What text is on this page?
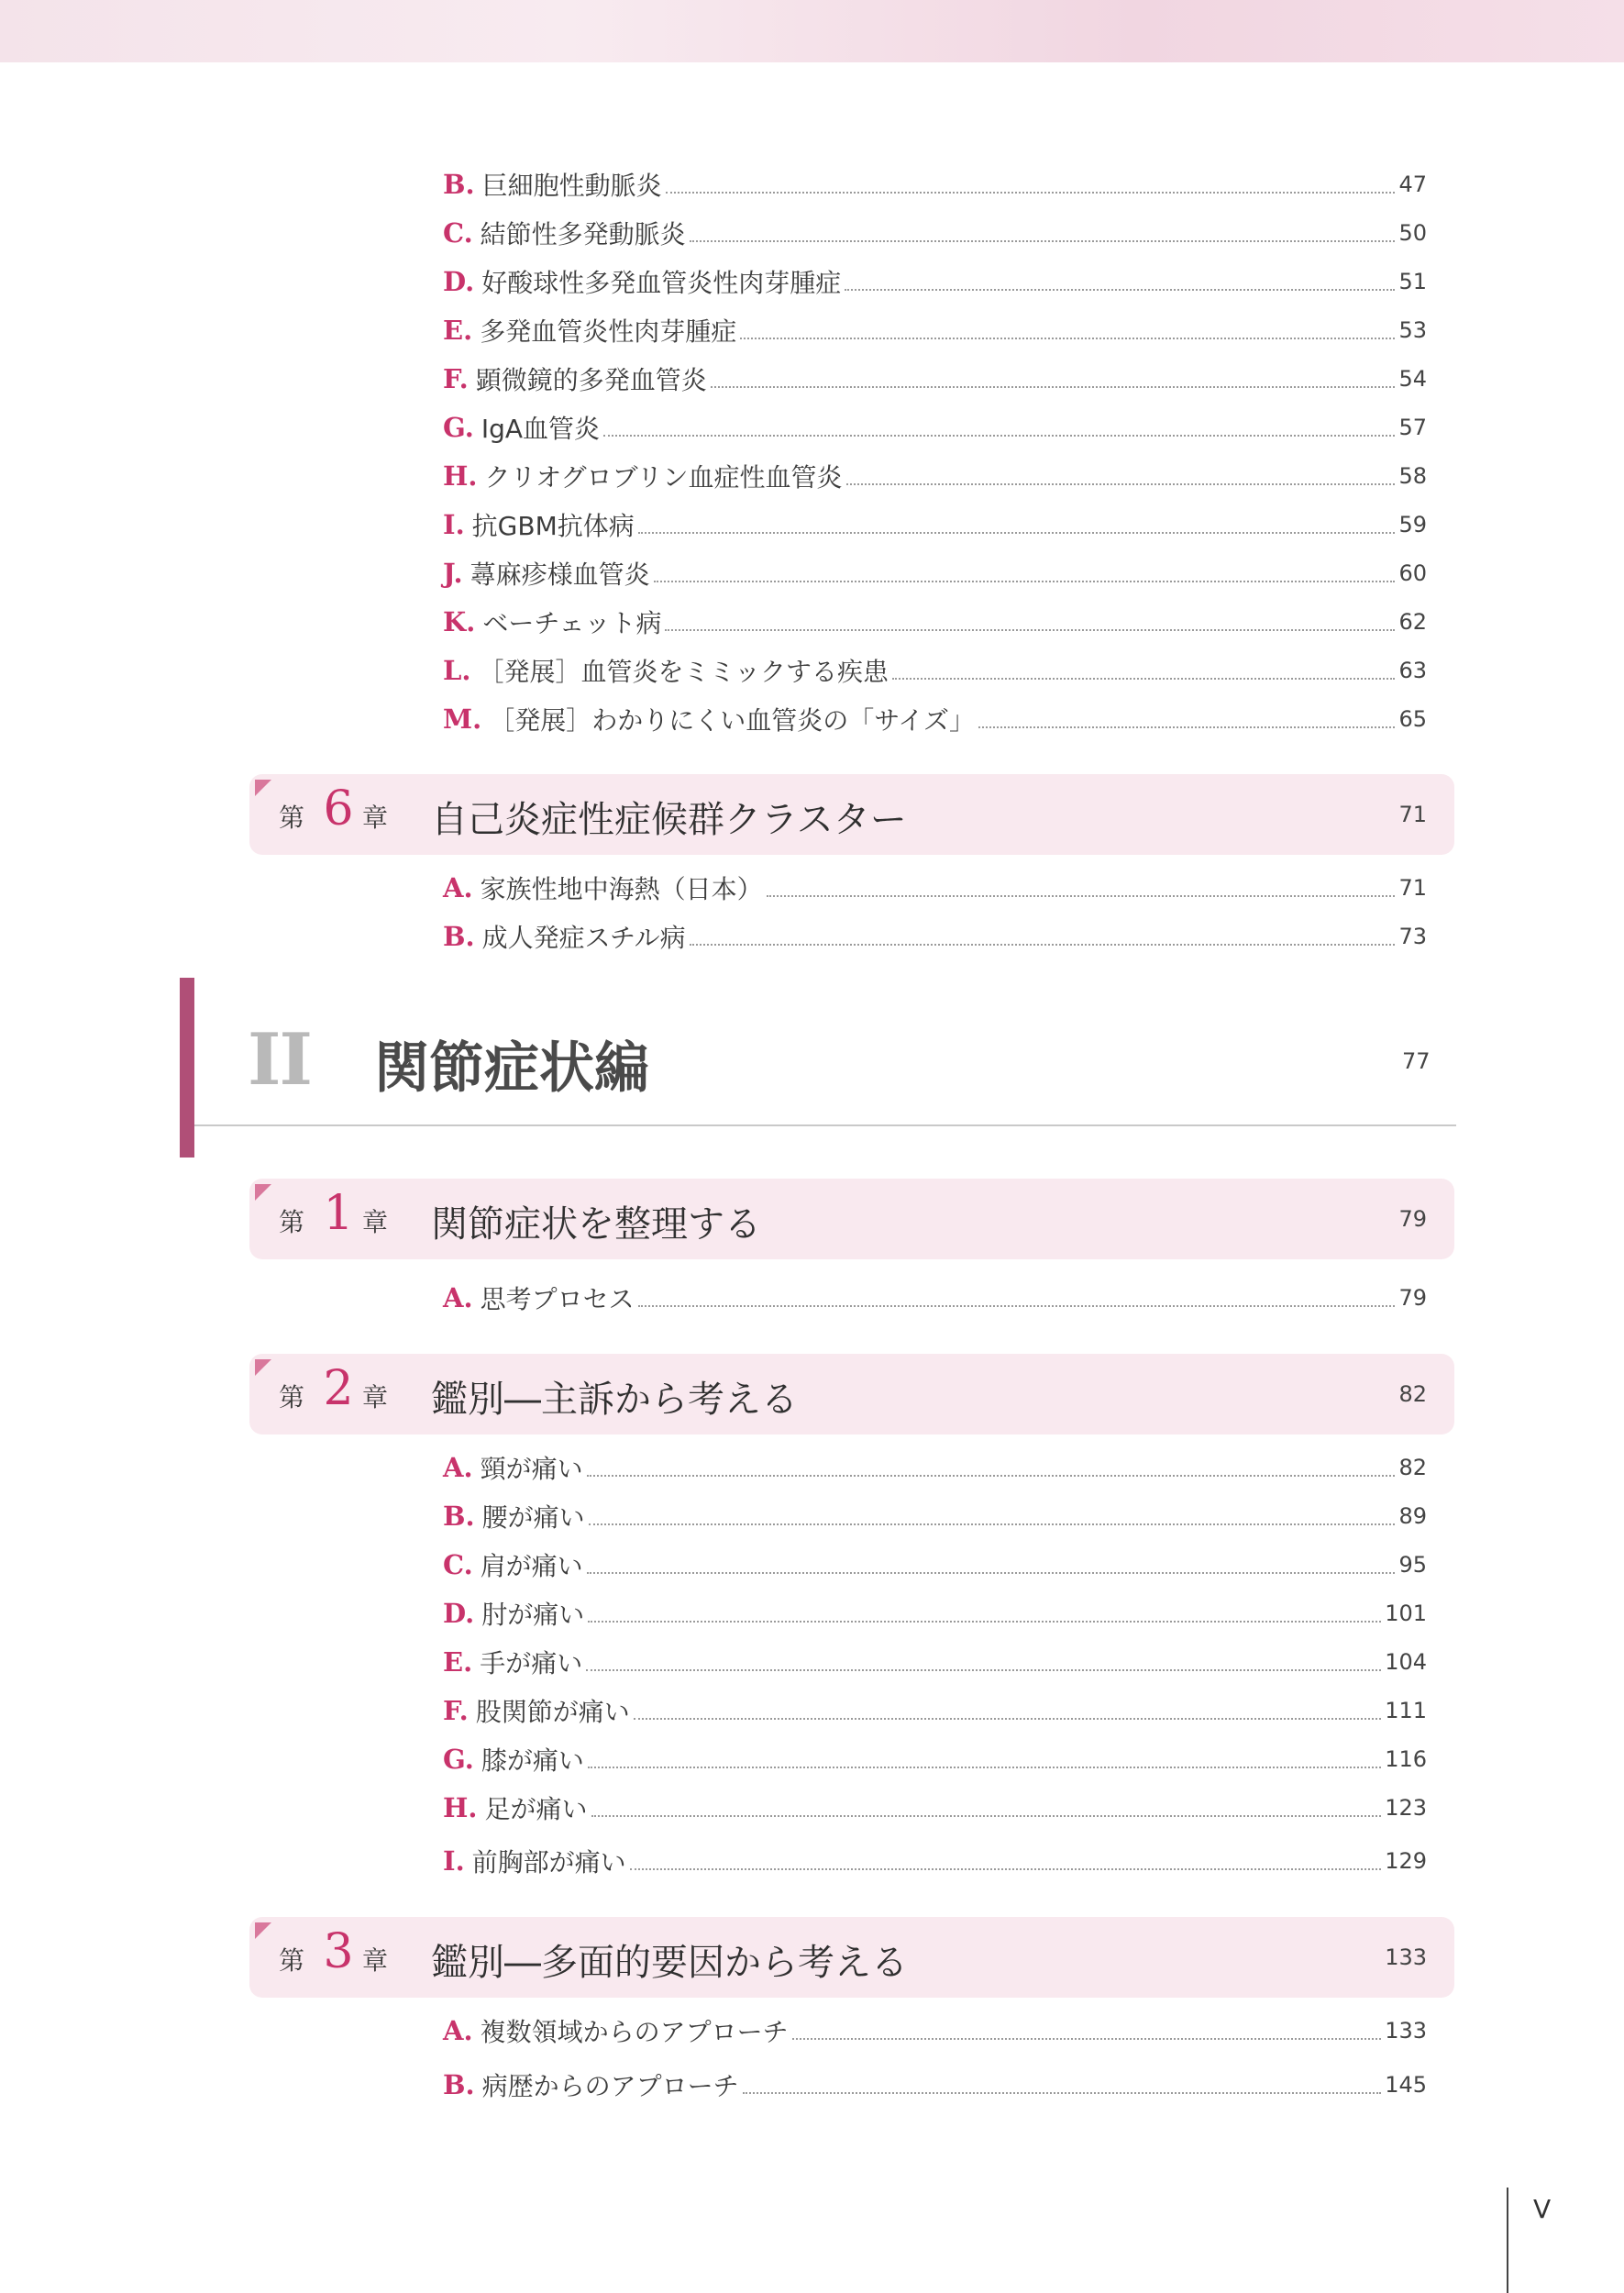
B. 巨細胞性動脈炎	47
C. 結節性多発動脈炎	50
D. 好酸球性多発血管炎性肉芽腫症	51
E. 多発血管炎性肉芽腫症	53
F. 顕微鏡的多発血管炎	54
G. IgA血管炎	57
H. クリオグロブリン血症性血管炎	58
I. 抗GBM抗体病	59
J. 蕁麻疹様血管炎	60
K. ベーチェット病	62
L. ［発展］血管炎をミミックする疾患	63
M. ［発展］わかりにくい血管炎の「サイズ」	65
第 6 章 自己炎症性症候群クラスター	71
A. 家族性地中海熱（日本）	71
B. 成人発症スチル病	73
II 関節症状編	77
第 1 章 関節症状を整理する	79
A. 思考プロセス	79
第 2 章 鑑別―主訴から考える	82
A. 頸が痛い	82
B. 腰が痛い	89
C. 肩が痛い	95
D. 肘が痛い	101
E. 手が痛い	104
F. 股関節が痛い	111
G. 膝が痛い	116
H. 足が痛い	123
I. 前胸部が痛い	129
第 3 章 鑑別―多面的要因から考える	133
A. 複数領域からのアプローチ	133
B. 病歴からのアプローチ	145
V
